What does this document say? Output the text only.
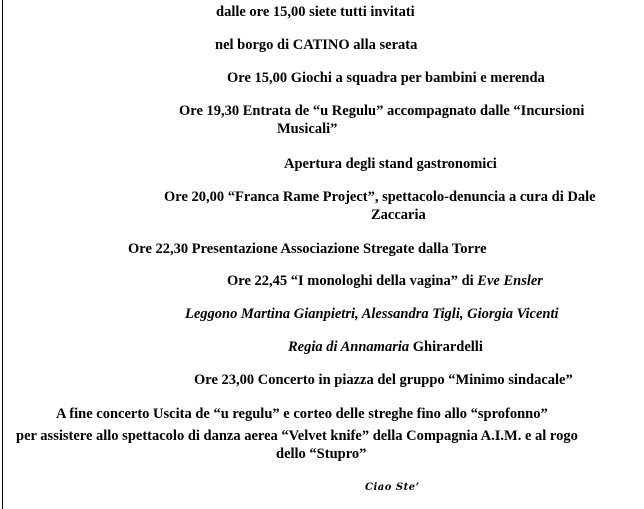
dalle ore 15,00 siete tutti invitati
nel borgo di CATINO alla serata
Ore 15,00 Giochi a squadra per bambini e merenda
Ore 19,30 Entrata de “u Regulu” accompagnato dalle “Incursioni
Musicali”
Apertura degli stand gastronomici
Ore 20,00 “Franca Rame Project”, spettacolo-denuncia a cura di Dale
Zaccaria
Ore 22,30 Presentazione Associazione Stregate dalla Torre
Ore 22,45 “I monologhi della vagina” di Eve Ensler
Leggono Martina Gianpietri, Alessandra Tigli, Giorgia Vicenti
Regia di Annamaria Ghirardelli
Ore 23,00 Concerto in piazza del gruppo “Minimo sindacale”
A fine concerto Uscita de “u regulu” e corteo delle streghe fino allo “sprofonno”
per assistere allo spettacolo di danza aerea “Velvet knife” della Compagnia A.I.M. e al rogo
dello “Stupro”
Ciao Ste’
